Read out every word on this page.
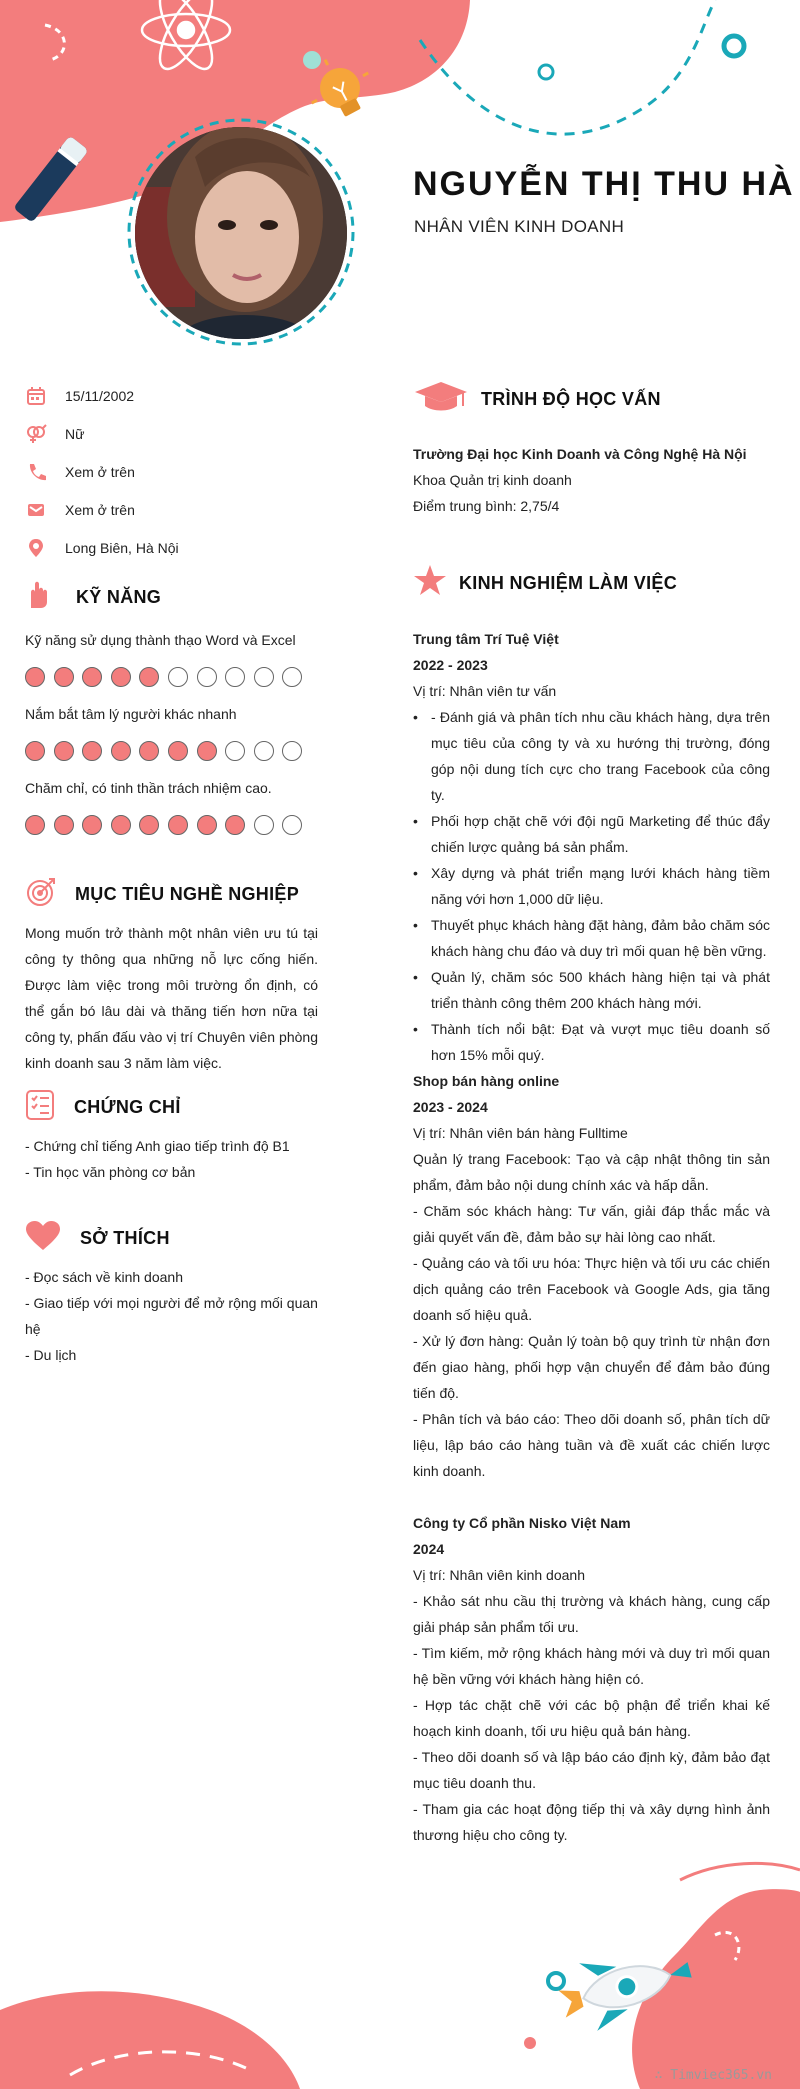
NGUYỄN THỊ THU HÀ
NHÂN VIÊN KINH DOANH
15/11/2002
Nữ
Xem ở trên
Xem ở trên
Long Biên, Hà Nội
KỸ NĂNG
Kỹ năng sử dụng thành thạo Word và Excel
Nắm bắt tâm lý người khác nhanh
Chăm chỉ, có tinh thần trách nhiệm cao.
MỤC TIÊU NGHỀ NGHIỆP
Mong muốn trở thành một nhân viên ưu tú tại công ty thông qua những nỗ lực cống hiến. Được làm việc trong môi trường ổn định, có thể gắn bó lâu dài và thăng tiến hơn nữa tại công ty, phấn đấu vào vị trí Chuyên viên phòng kinh doanh sau 3 năm làm việc.
CHỨNG CHỈ
- Chứng chỉ tiếng Anh giao tiếp trình độ B1
- Tin học văn phòng cơ bản
SỞ THÍCH
- Đọc sách về kinh doanh
- Giao tiếp với mọi người để mở rộng mối quan hệ
- Du lịch
TRÌNH ĐỘ HỌC VẤN
Trường Đại học Kinh Doanh và Công Nghệ Hà Nội
Khoa Quản trị kinh doanh
Điểm trung bình: 2,75/4
KINH NGHIỆM LÀM VIỆC
Trung tâm Trí Tuệ Việt
2022 - 2023
Vị trí: Nhân viên tư vấn
• - Đánh giá và phân tích nhu cầu khách hàng, dựa trên mục tiêu của công ty và xu hướng thị trường, đóng góp nội dung tích cực cho trang Facebook của công ty.
• Phối hợp chặt chẽ với đội ngũ Marketing để thúc đẩy chiến lược quảng bá sản phẩm.
• Xây dựng và phát triển mạng lưới khách hàng tiềm năng với hơn 1,000 dữ liệu.
• Thuyết phục khách hàng đặt hàng, đảm bảo chăm sóc khách hàng chu đáo và duy trì mối quan hệ bền vững.
• Quản lý, chăm sóc 500 khách hàng hiện tại và phát triển thành công thêm 200 khách hàng mới.
• Thành tích nổi bật: Đạt và vượt mục tiêu doanh số hơn 15% mỗi quý.
Shop bán hàng online
2023 - 2024
Vị trí: Nhân viên bán hàng Fulltime
Quản lý trang Facebook: Tạo và cập nhật thông tin sản phẩm, đảm bảo nội dung chính xác và hấp dẫn.
- Chăm sóc khách hàng: Tư vấn, giải đáp thắc mắc và giải quyết vấn đề, đảm bảo sự hài lòng cao nhất.
- Quảng cáo và tối ưu hóa: Thực hiện và tối ưu các chiến dịch quảng cáo trên Facebook và Google Ads, gia tăng doanh số hiệu quả.
- Xử lý đơn hàng: Quản lý toàn bộ quy trình từ nhận đơn đến giao hàng, phối hợp vận chuyển để đảm bảo đúng tiến độ.
- Phân tích và báo cáo: Theo dõi doanh số, phân tích dữ liệu, lập báo cáo hàng tuần và đề xuất các chiến lược kinh doanh.
Công ty Cổ phần Nisko Việt Nam
2024
Vị trí: Nhân viên kinh doanh
- Khảo sát nhu cầu thị trường và khách hàng, cung cấp giải pháp sản phẩm tối ưu.
- Tìm kiếm, mở rộng khách hàng mới và duy trì mối quan hệ bền vững với khách hàng hiện có.
- Hợp tác chặt chẽ với các bộ phận để triển khai kế hoạch kinh doanh, tối ưu hiệu quả bán hàng.
- Theo dõi doanh số và lập báo cáo định kỳ, đảm bảo đạt mục tiêu doanh thu.
- Tham gia các hoạt động tiếp thị và xây dựng hình ảnh thương hiệu cho công ty.
∴ Timviec365.vn
